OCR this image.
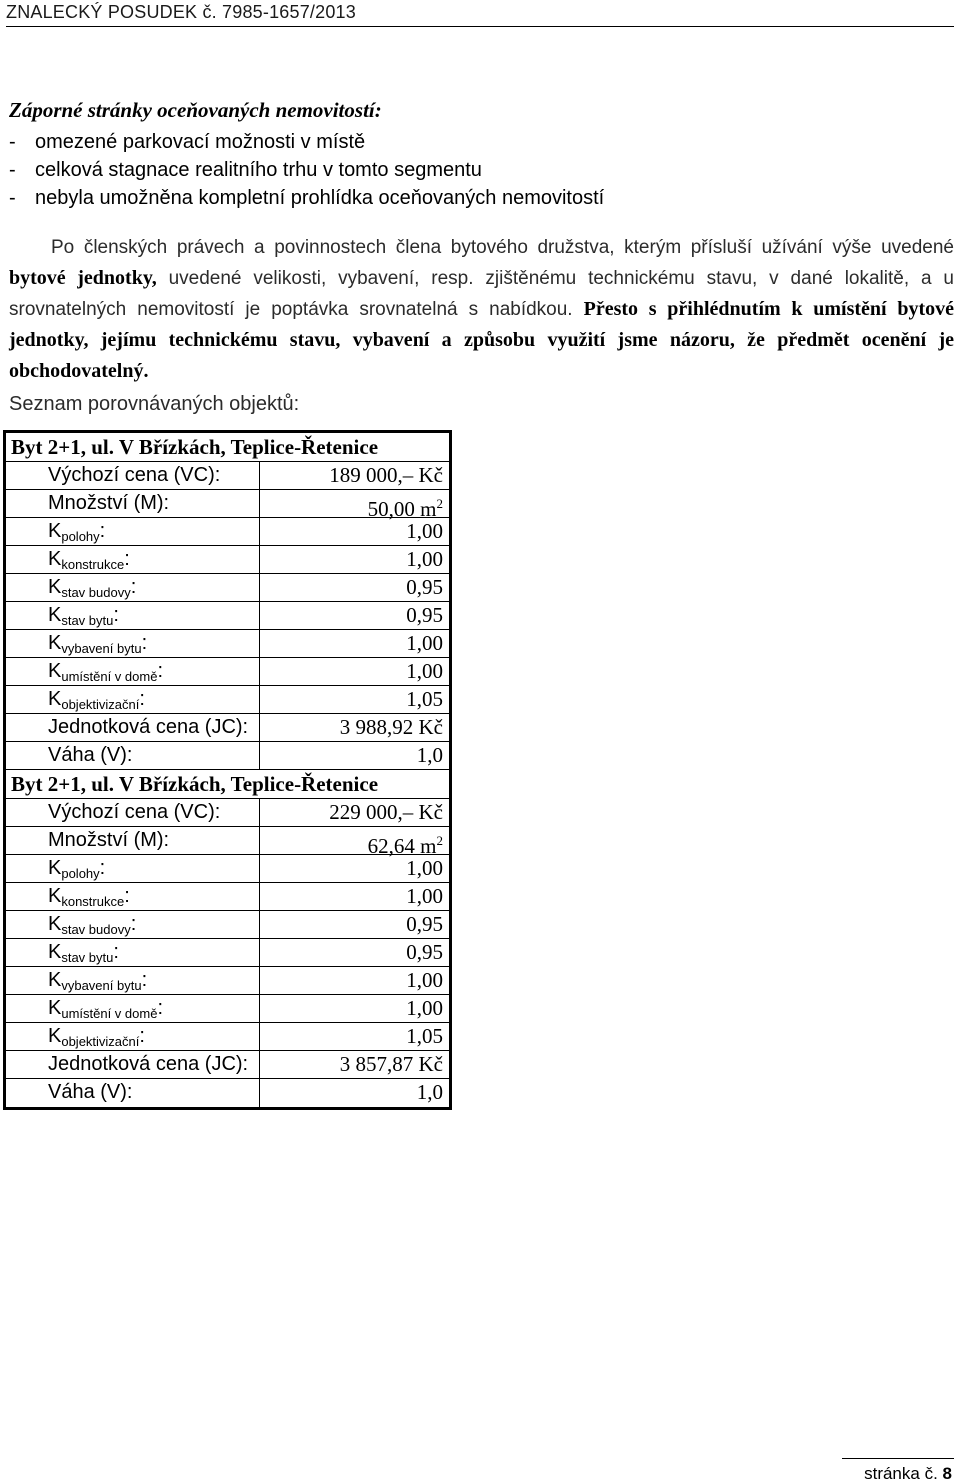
ZNALECKÝ POSUDEK č. 7985-1657/2013
Záporné stránky oceňovaných nemovitostí:
- omezené parkovací možnosti v místě
- celková stagnace realitního trhu v tomto segmentu
- nebyla umožněna kompletní prohlídka oceňovaných nemovitostí
Po členských právech a povinnostech člena bytového družstva, kterým přísluší užívání výše uvedené bytové jednotky, uvedené velikosti, vybavení, resp. zjištěnému technickému stavu, v dané lokalitě, a u srovnatelných nemovitostí je poptávka srovnatelná s nabídkou. Přesto s přihlédnutím k umístění bytové jednotky, jejímu technickému stavu, vybavení a způsobu využití jsme názoru, že předmět ocenění je obchodovatelný.
Seznam porovnávaných objektů:
Byt 2+1, ul. V Břízkách, Teplice-Řetenice
Výchozí cena (VC):	189 000,– Kč
Množství (M):	50,00 $m^2$
$K_{polohy}$:	1,00
$K_{konstrukce}$:	1,00
$K_{stav budovy}$:	0,95
$K_{stav bytu}$:	0,95
$K_{vybavení bytu}$:	1,00
$K_{umístění v domě}$:	1,00
$K_{objektivizační}$:	1,05
Jednotková cena (JC):	3 988,92 Kč
Váha (V):	1,0
Byt 2+1, ul. V Břízkách, Teplice-Řetenice
Výchozí cena (VC):	229 000,– Kč
Množství (M):	62,64 $m^2$
$K_{polohy}$:	1,00
$K_{konstrukce}$:	1,00
$K_{stav budovy}$:	0,95
$K_{stav bytu}$:	0,95
$K_{vybavení bytu}$:	1,00
$K_{umístění v domě}$:	1,00
$K_{objektivizační}$:	1,05
Jednotková cena (JC):	3 857,87 Kč
Váha (V):	1,0
stránka č. 8
